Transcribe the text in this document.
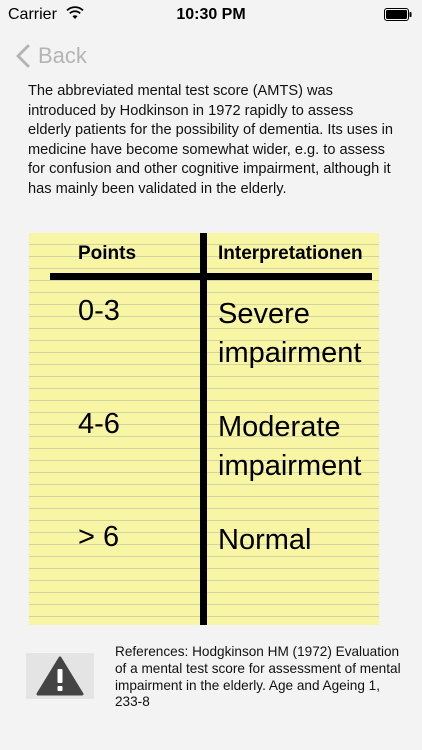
Carrier	10:30 PM
Back

The abbreviated mental test score (AMTS) was introduced by Hodkinson in 1972 rapidly to assess elderly patients for the possibility of dementia. Its uses in medicine have become somewhat wider, e.g. to assess for confusion and other cognitive impairment, although it has mainly been validated in the elderly.

Points	Interpretationen
0-3	Severe impairment
4-6	Moderate impairment
> 6	Normal

References: Hodgkinson HM (1972) Evaluation of a mental test score for assessment of mental impairment in the elderly. Age and Ageing 1, 233-8
